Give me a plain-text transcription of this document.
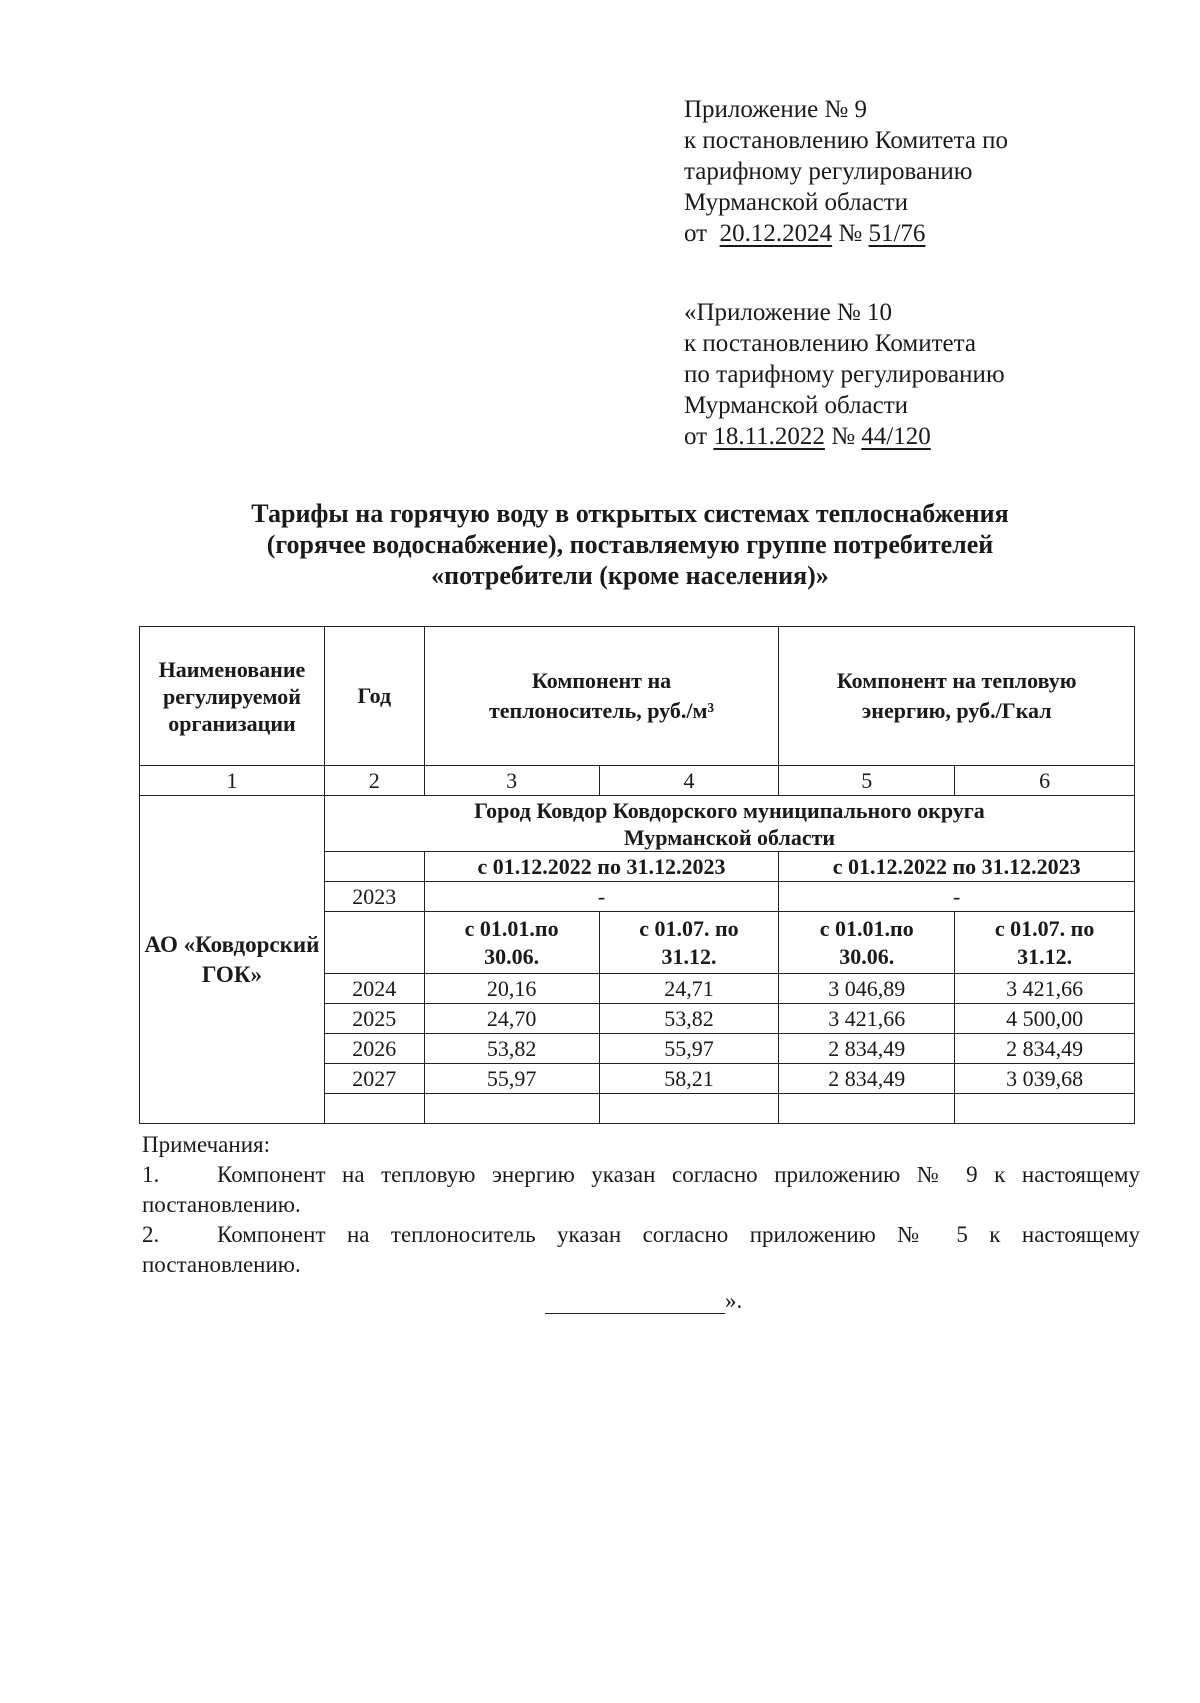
Приложение № 9
к постановлению Комитета по
тарифному регулированию
Мурманской области
от 20.12.2024 № 51/76
«Приложение № 10
к постановлению Комитета
по тарифному регулированию
Мурманской области
от 18.11.2022 № 44/120
Тарифы на горячую воду в открытых системах теплоснабжения
(горячее водоснабжение), поставляемую группе потребителей
«потребители (кроме населения)»
Наименование регулируемой организации	Год	Компонент на теплоноситель, руб./м³		Компонент на тепловую энергию, руб./Гкал	
1	2	3	4	5	6
АО «Ковдорский ГОК»	Город Ковдор Ковдорского муниципального округа Мурманской области				
		с 01.12.2022 по 31.12.2023		с 01.12.2022 по 31.12.2023	
	2023	-		-	
		с 01.01.по 30.06.	с 01.07. по 31.12.	с 01.01.по 30.06.	с 01.07. по 31.12.
	2024	20,16	24,71	3 046,89	3 421,66
	2025	24,70	53,82	3 421,66	4 500,00
	2026	53,82	55,97	2 834,49	2 834,49
	2027	55,97	58,21	2 834,49	3 039,68

Примечания:
1.	Компонент на тепловую энергию указан согласно приложению № 9 к настоящему
постановлению.
2.	Компонент на теплоноситель указан согласно приложению № 5 к настоящему
постановлению.
».
